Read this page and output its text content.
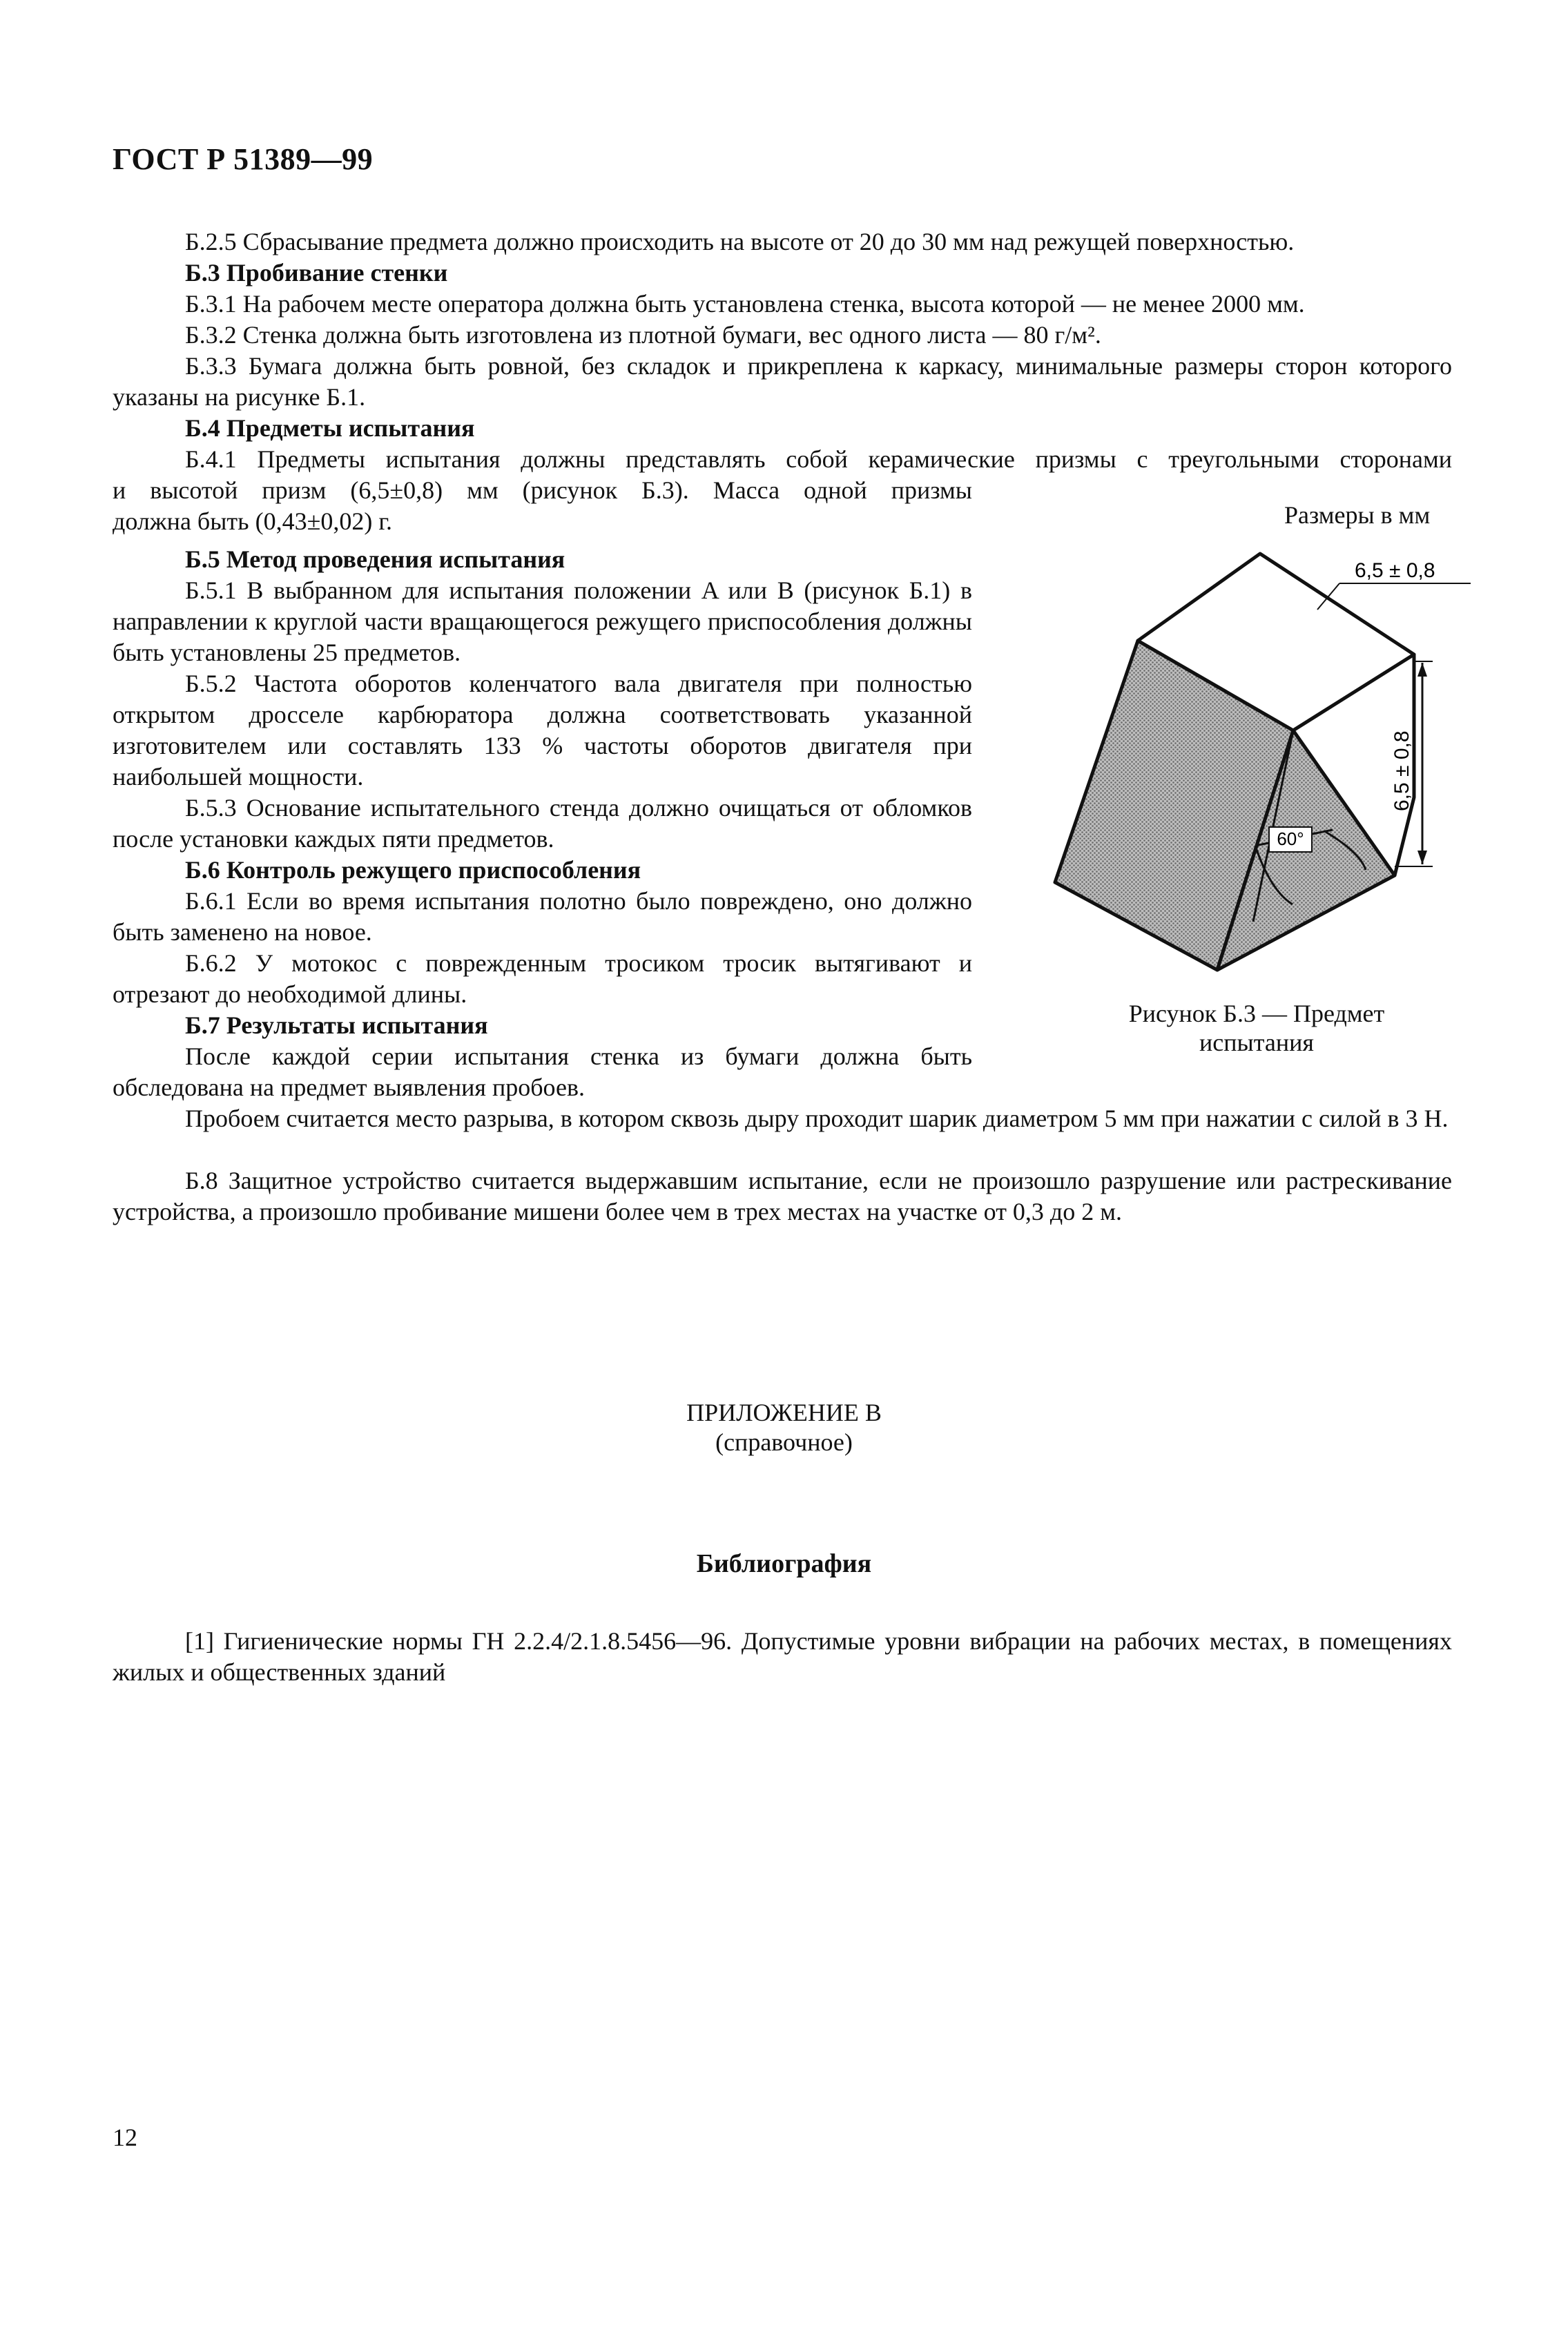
ГОСТ Р 51389—99

Б.2.5 Сбрасывание предмета должно происходить на высоте от 20 до 30 мм над режущей поверхностью.

Б.3 Пробивание стенки

Б.3.1 На рабочем месте оператора должна быть установлена стенка, высота которой — не менее 2000 мм.

Б.3.2 Стенка должна быть изготовлена из плотной бумаги, вес одного листа — 80 г/м².

Б.3.3 Бумага должна быть ровной, без складок и прикреплена к каркасу, минимальные размеры сторон которого указаны на рисунке Б.1.

Б.4 Предметы испытания

Б.4.1 Предметы испытания должны представлять собой керамические призмы с треугольными сторонами

и высотой призм (6,5±0,8) мм (рисунок Б.3). Масса одной призмы

должна быть (0,43±0,02) г.	Размеры в мм

Б.5 Метод проведения испытания

Б.5.1 В выбранном для испытания положении A или B (рисунок Б.1) в направлении к круглой части вращающегося режущего приспособления должны быть установлены 25 предметов.

Б.5.2 Частота оборотов коленчатого вала двигателя при полностью открытом дросселе карбюратора должна соответствовать указанной изготовителем или составлять 133 % частоты оборотов двигателя при наибольшей мощности.

Б.5.3 Основание испытательного стенда должно очищаться от обломков после установки каждых пяти предметов.

Б.6 Контроль режущего приспособления

Б.6.1 Если во время испытания полотно было повреждено, оно должно быть заменено на новое.

Б.6.2 У мотокос с поврежденным тросиком тросик вытягивают и отрезают до необходимой длины.

Б.7 Результаты испытания

После каждой серии испытания стенка из бумаги должна быть обследована на предмет выявления пробоев.

Пробоем считается место разрыва, в котором сквозь дыру проходит шарик диаметром 5 мм при нажатии с силой в 3 Н.

Б.8 Защитное устройство считается выдержавшим испытание, если не произошло разрушение или растрескивание устройства, а произошло пробивание мишени более чем в трех местах на участке от 0,3 до 2 м.

60°
6,5 ± 0,8
6,5 ± 0,8
Рисунок Б.3 — Предмет испытания
ПРИЛОЖЕНИЕ В
(справочное)
Библиография

[1] Гигиенические нормы ГН 2.2.4/2.1.8.5456—96. Допустимые уровни вибрации на рабочих местах, в помещениях жилых и общественных зданий

12
